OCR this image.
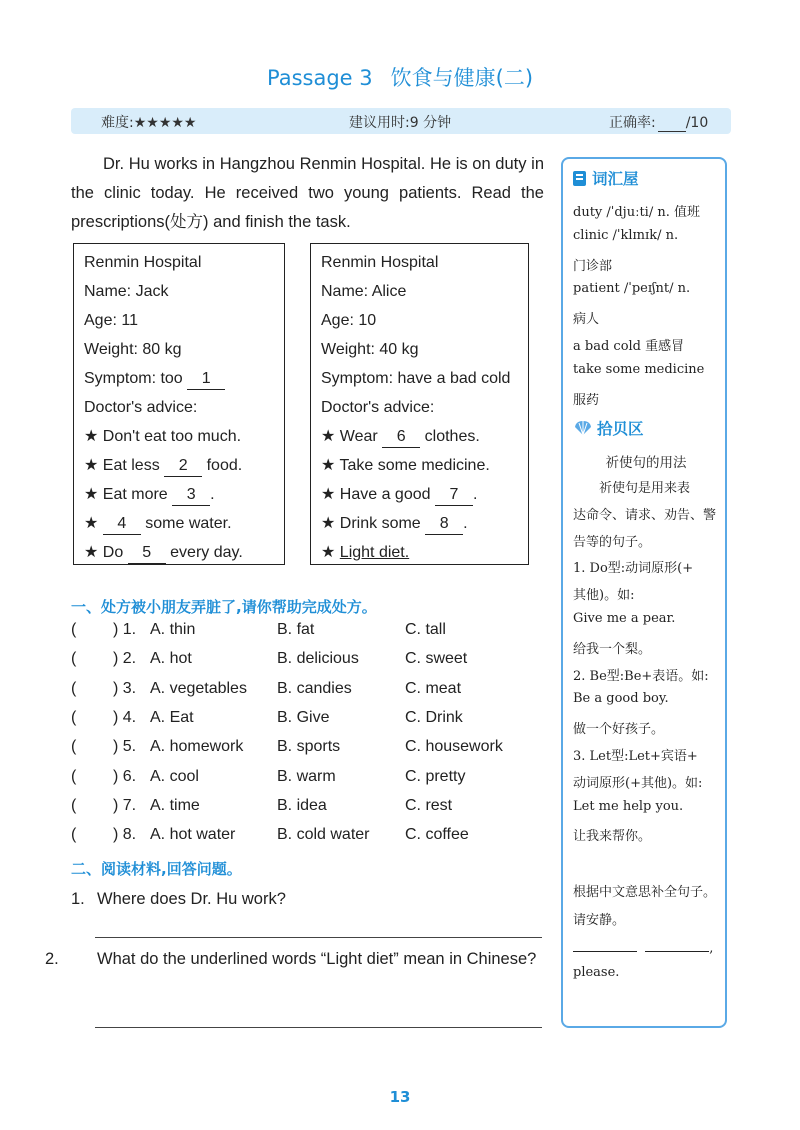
Passage 3 饮食与健康(二)
难度:★★★★★	建议用时:9 分钟	正确率: /10

Dr. Hu works in Hangzhou Renmin Hospital. He is on duty in the clinic today. He received two young patients. Read the prescriptions(处方) and finish the task.

Renmin Hospital
Name: Jack
Age: 11
Weight: 80 kg
Symptom: too 1
Doctor's advice:
★ Don't eat too much.
★ Eat less 2 food.
★ Eat more 3 .
★ 4 some water.
★ Do 5 every day.
Renmin Hospital
Name: Alice
Age: 10
Weight: 40 kg
Symptom: have a bad cold
Doctor's advice:
★ Wear 6 clothes.
★ Take some medicine.
★ Have a good 7 .
★ Drink some 8 .
★ Light diet.
一、处方被小朋友弄脏了,请你帮助完成处方。
( ) 1. A. thin	B. fat	C. tall
( ) 2. A. hot	B. delicious	C. sweet
( ) 3. A. vegetables B. candies	C. meat
( ) 4. A. Eat	B. Give	C. Drink
( ) 5. A. homework B. sports	C. housework
( ) 6. A. cool	B. warm	C. pretty
( ) 7. A. time	B. idea	C. rest
( ) 8. A. hot water	B. cold water C. coffee
二、阅读材料,回答问题。
1. Where does Dr. Hu work?
2. What do the underlined words “Light diet” mean in Chinese?
词汇屋
duty /ˈdjuːti/ n. 值班
clinic /ˈklɪnɪk/ n.
门诊部
patient /ˈpeɪʃnt/ n.
病人
a bad cold 重感冒
take some medicine
服药
拾贝区
祈使句的用法
祈使句是用来表
达命令、请求、劝告、警
告等的句子。
1. Do型:动词原形(+
其他)。如:
Give me a pear.
给我一个梨。
2. Be型:Be+表语。如:
Be a good boy.
做一个好孩子。
3. Let型:Let+宾语+
动词原形(+其他)。如:
Let me help you.
让我来帮你。
根据中文意思补全句子。
请安静。
,
please.
13
